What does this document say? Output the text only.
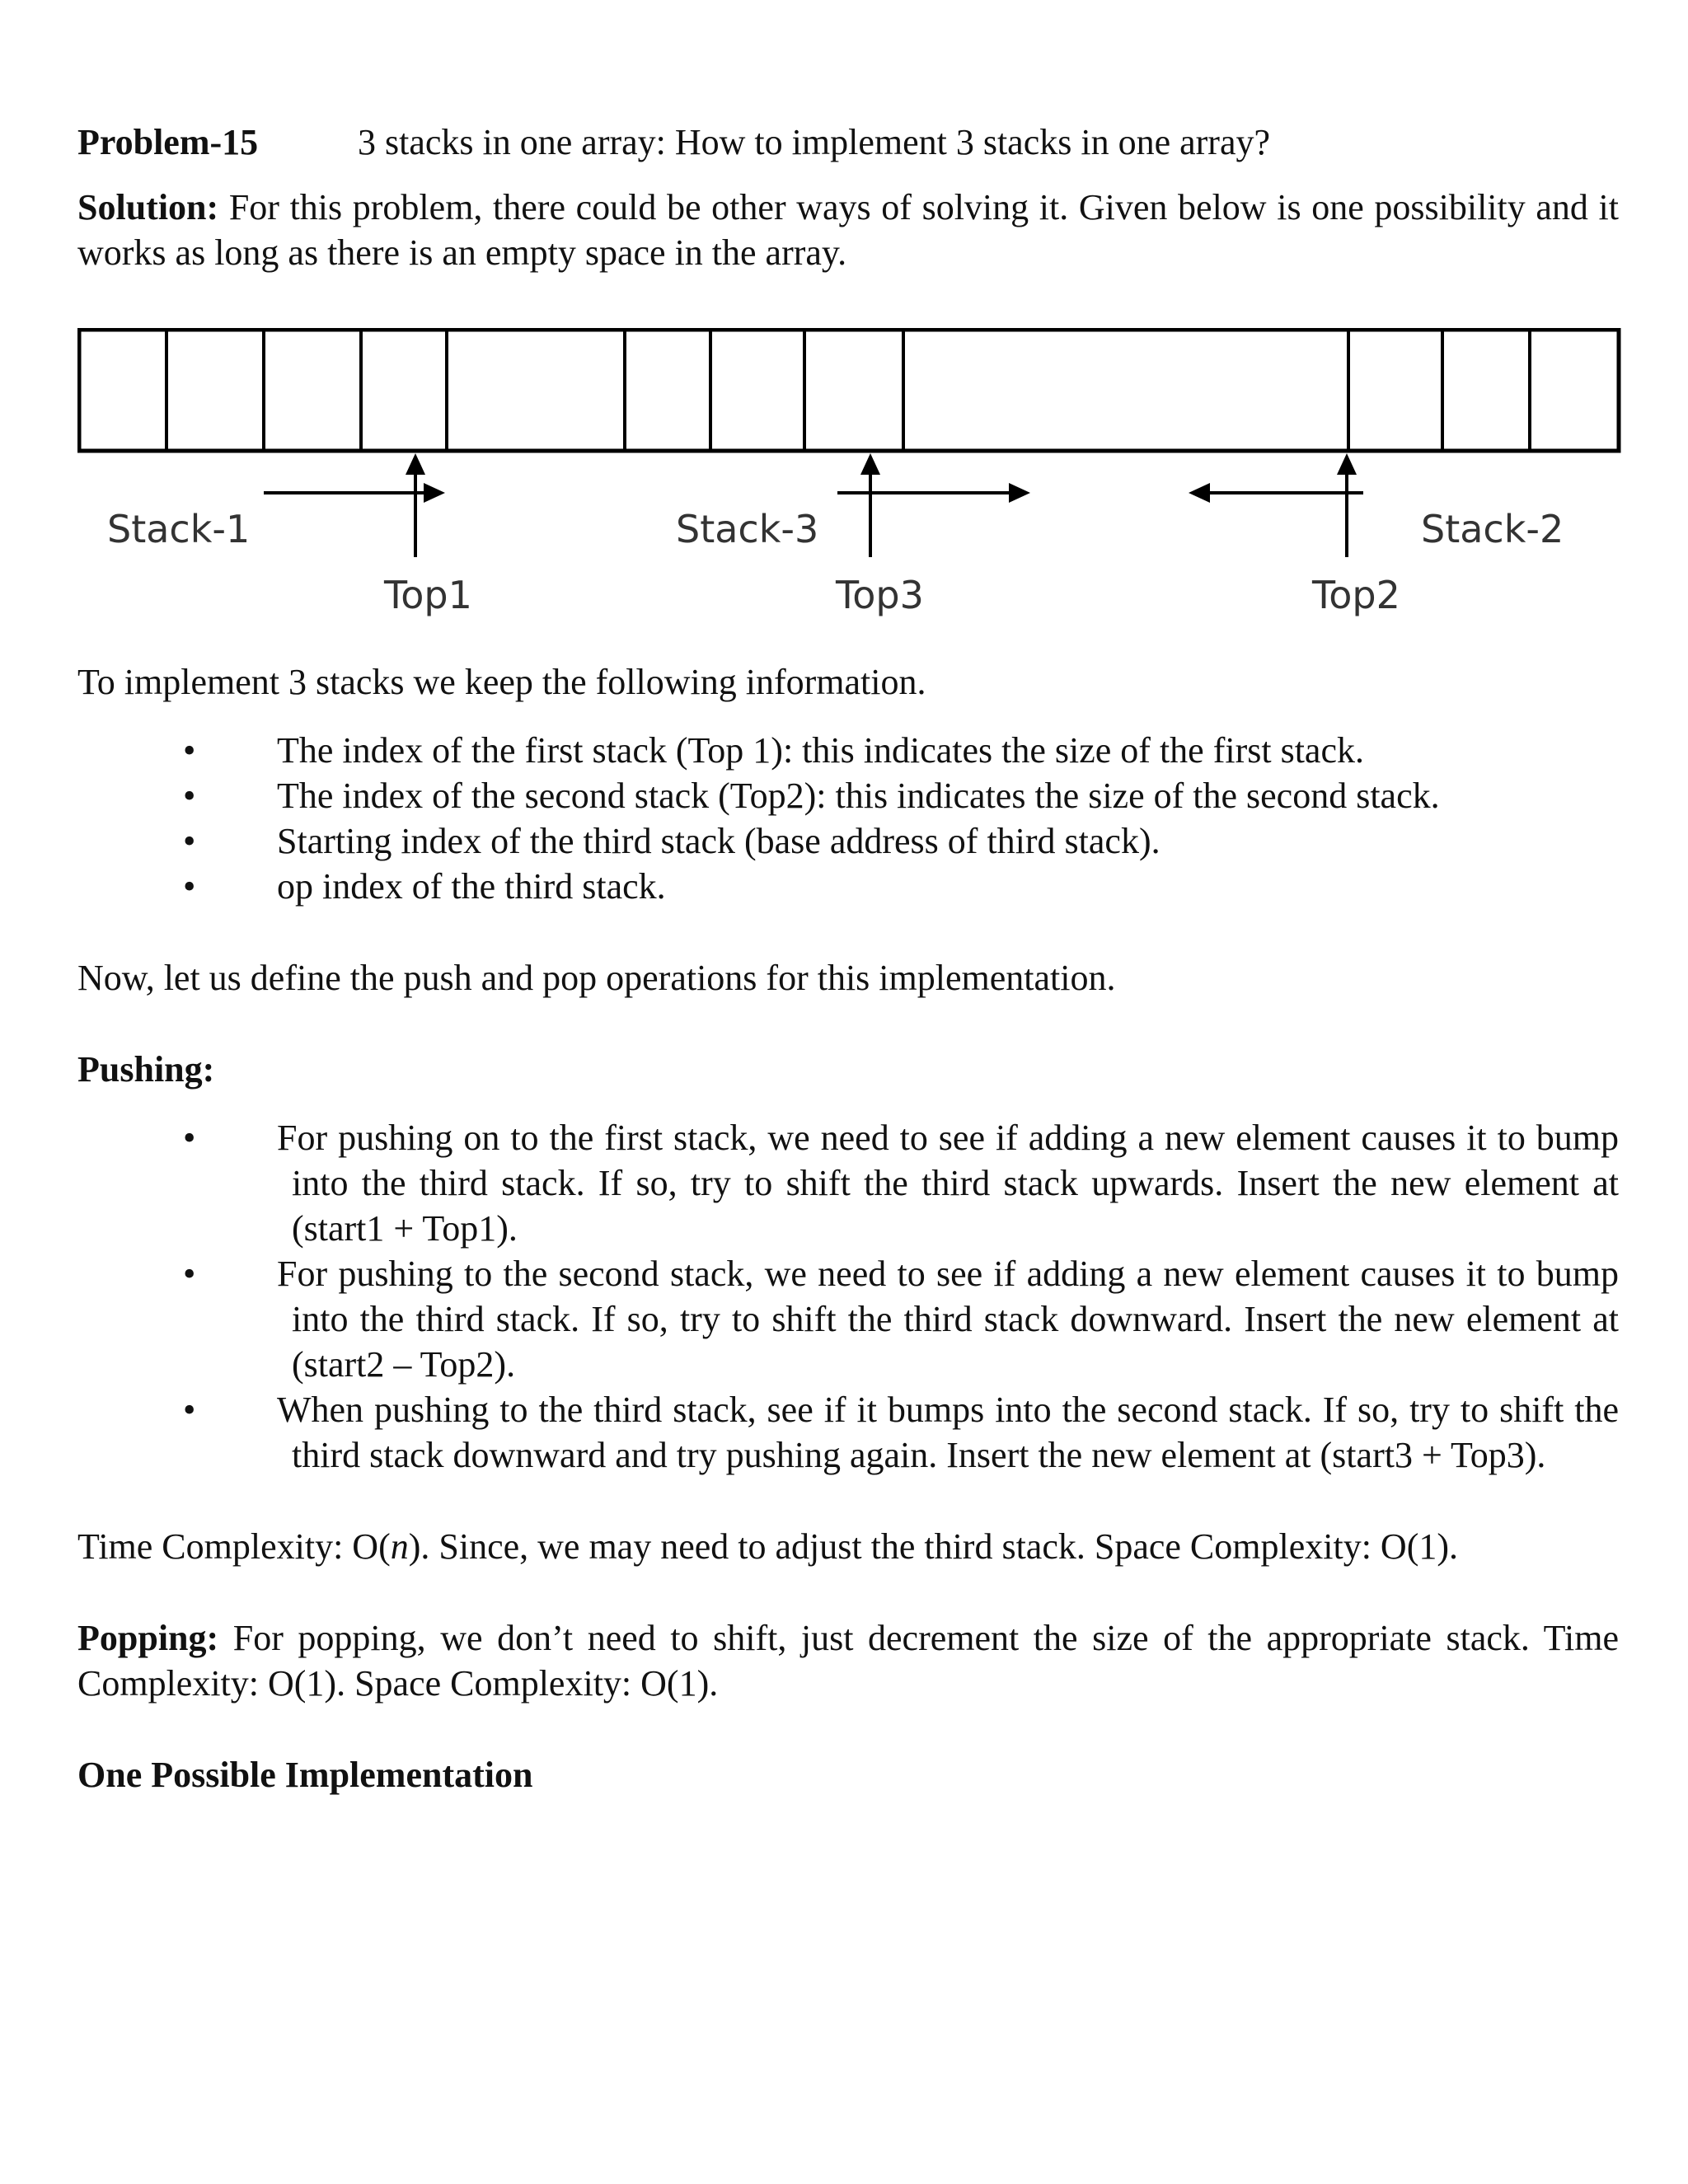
Problem-15	3 stacks in one array: How to implement 3 stacks in one array?

Solution: For this problem, there could be other ways of solving it. Given below is one possibility and it works as long as there is an empty space in the array.

Stack-1	Stack-3	Stack-2
Top1	Top3	Top2

To implement 3 stacks we keep the following information.

• The index of the first stack (Top 1): this indicates the size of the first stack.
• The index of the second stack (Top2): this indicates the size of the second stack.
• Starting index of the third stack (base address of third stack).
• op index of the third stack.

Now, let us define the push and pop operations for this implementation.

Pushing:

• For pushing on to the first stack, we need to see if adding a new element causes it to bump into the third stack. If so, try to shift the third stack upwards. Insert the new element at (start1 + Top1).
• For pushing to the second stack, we need to see if adding a new element causes it to bump into the third stack. If so, try to shift the third stack downward. Insert the new element at (start2 – Top2).
• When pushing to the third stack, see if it bumps into the second stack. If so, try to shift the third stack downward and try pushing again. Insert the new element at (start3 + Top3).

Time Complexity: O(n). Since, we may need to adjust the third stack. Space Complexity: O(1).

Popping: For popping, we don’t need to shift, just decrement the size of the appropriate stack. Time Complexity: O(1). Space Complexity: O(1).

One Possible Implementation
